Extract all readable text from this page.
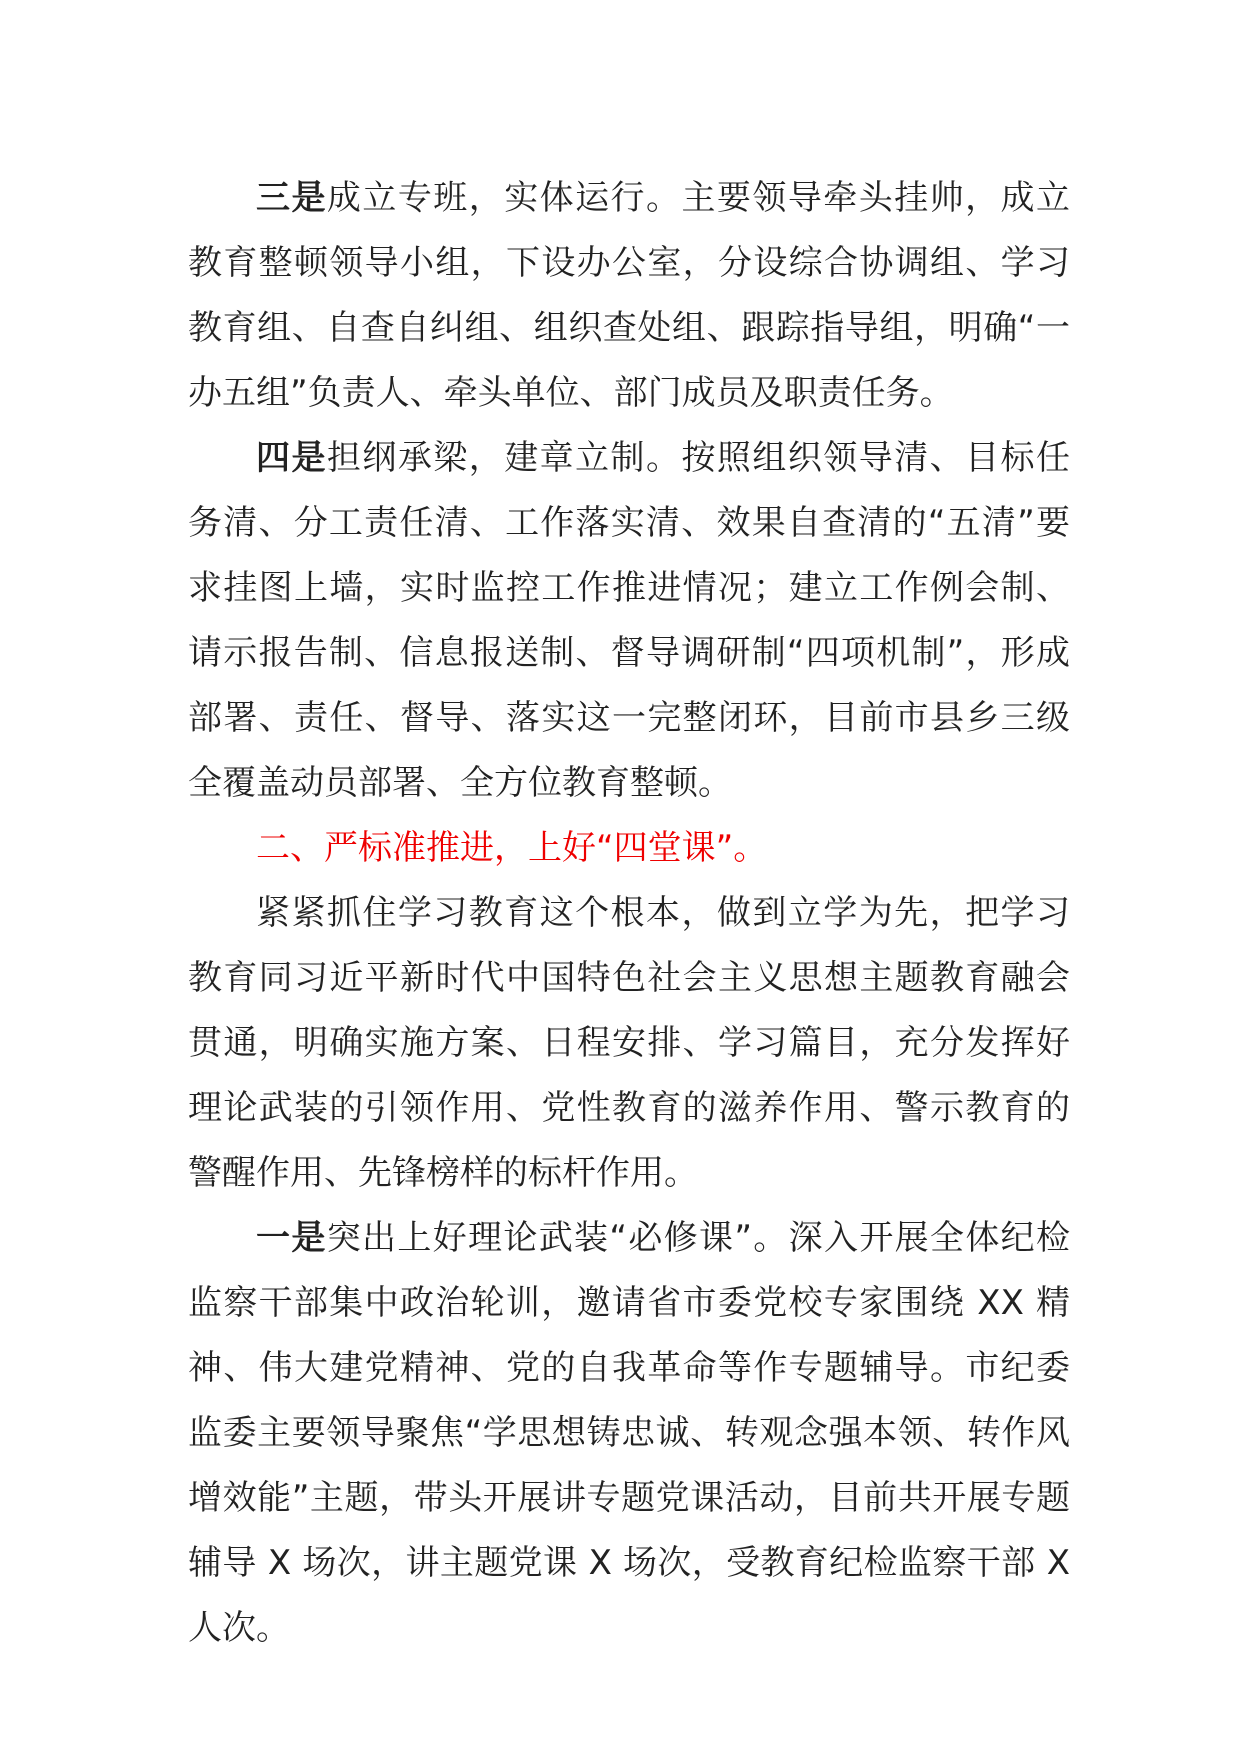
三是成立专班，实体运行。主要领导牵头挂帅，成立教育整顿领导小组，下设办公室，分设综合协调组、学习教育组、自查自纠组、组织查处组、跟踪指导组，明确“一办五组”负责人、牵头单位、部门成员及职责任务。

四是担纲承梁，建章立制。按照组织领导清、目标任务清、分工责任清、工作落实清、效果自查清的“五清”要求挂图上墙，实时监控工作推进情况；建立工作例会制、请示报告制、信息报送制、督导调研制“四项机制”，形成部署、责任、督导、落实这一完整闭环，目前市县乡三级全覆盖动员部署、全方位教育整顿。

二、严标准推进，上好“四堂课”。

紧紧抓住学习教育这个根本，做到立学为先，把学习教育同习近平新时代中国特色社会主义思想主题教育融会贯通，明确实施方案、日程安排、学习篇目，充分发挥好理论武装的引领作用、党性教育的滋养作用、警示教育的警醒作用、先锋榜样的标杆作用。

一是突出上好理论武装“必修课”。深入开展全体纪检监察干部集中政治轮训，邀请省市委党校专家围绕 XX 精神、伟大建党精神、党的自我革命等作专题辅导。市纪委监委主要领导聚焦“学思想铸忠诚、转观念强本领、转作风增效能”主题，带头开展讲专题党课活动，目前共开展专题辅导 X 场次，讲主题党课 X 场次，受教育纪检监察干部 X 人次。
